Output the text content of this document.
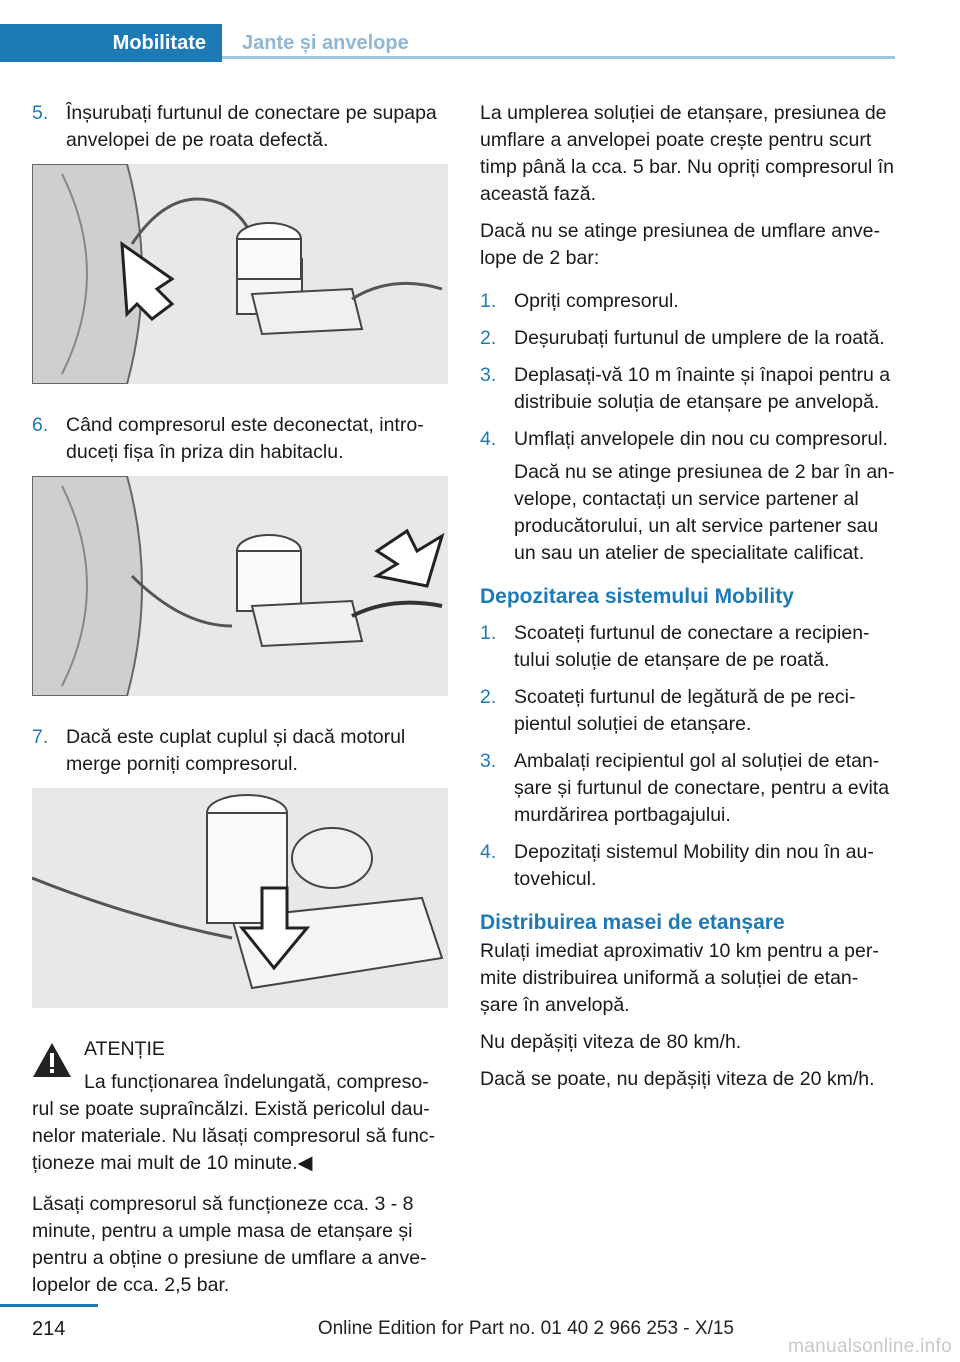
Mobilitate	Jante și anvelope
5. Înșurubați furtunul de conectare pe supapa anvelopei de pe roata defectă.
6. Când compresorul este deconectat, intro‐ duceți fișa în priza din habitaclu.
7. Dacă este cuplat cuplul și dacă motorul merge porniți compresorul.

ATENȚIE

La funcționarea îndelungată, compreso‐ rul se poate supraîncălzi. Există pericolul dau‐ nelor materiale. Nu lăsați compresorul să func‐ ționeze mai mult de 10 minute.◀

Lăsați compresorul să funcționeze cca. 3 - 8 minute, pentru a umple masa de etanșare și pentru a obține o presiune de umflare a anve‐ lopelor de cca. 2,5 bar.

La umplerea soluției de etanșare, presiunea de umflare a anvelopei poate crește pentru scurt timp până la cca. 5 bar. Nu opriți compresorul în această fază.

Dacă nu se atinge presiunea de umflare anve‐ lope de 2 bar:

1. Opriți compresorul.
2. Deșurubați furtunul de umplere de la roată.
3. Deplasați-vă 10 m înainte și înapoi pentru a distribuie soluția de etanșare pe anvelopă.
4. Umflați anvelopele din nou cu compresorul.
Dacă nu se atinge presiunea de 2 bar în an‐ velope, contactați un service partener al producătorului, un alt service partener sau un sau un atelier de specialitate calificat.
Depozitarea sistemului Mobility
1. Scoateți furtunul de conectare a recipien‐ tului soluție de etanșare de pe roată.
2. Scoateți furtunul de legătură de pe reci‐ pientul soluției de etanșare.
3. Ambalați recipientul gol al soluției de etan‐ șare și furtunul de conectare, pentru a evita murdărirea portbagajului.
4. Depozitați sistemul Mobility din nou în au‐ tovehicul.
Distribuirea masei de etanșare

Rulați imediat aproximativ 10 km pentru a per‐ mite distribuirea uniformă a soluției de etan‐ șare în anvelopă.

Nu depășiți viteza de 80 km/h.

Dacă se poate, nu depășiți viteza de 20 km/h.

214	Online Edition for Part no. 01 40 2 966 253 - X/15
manualsonline.info
